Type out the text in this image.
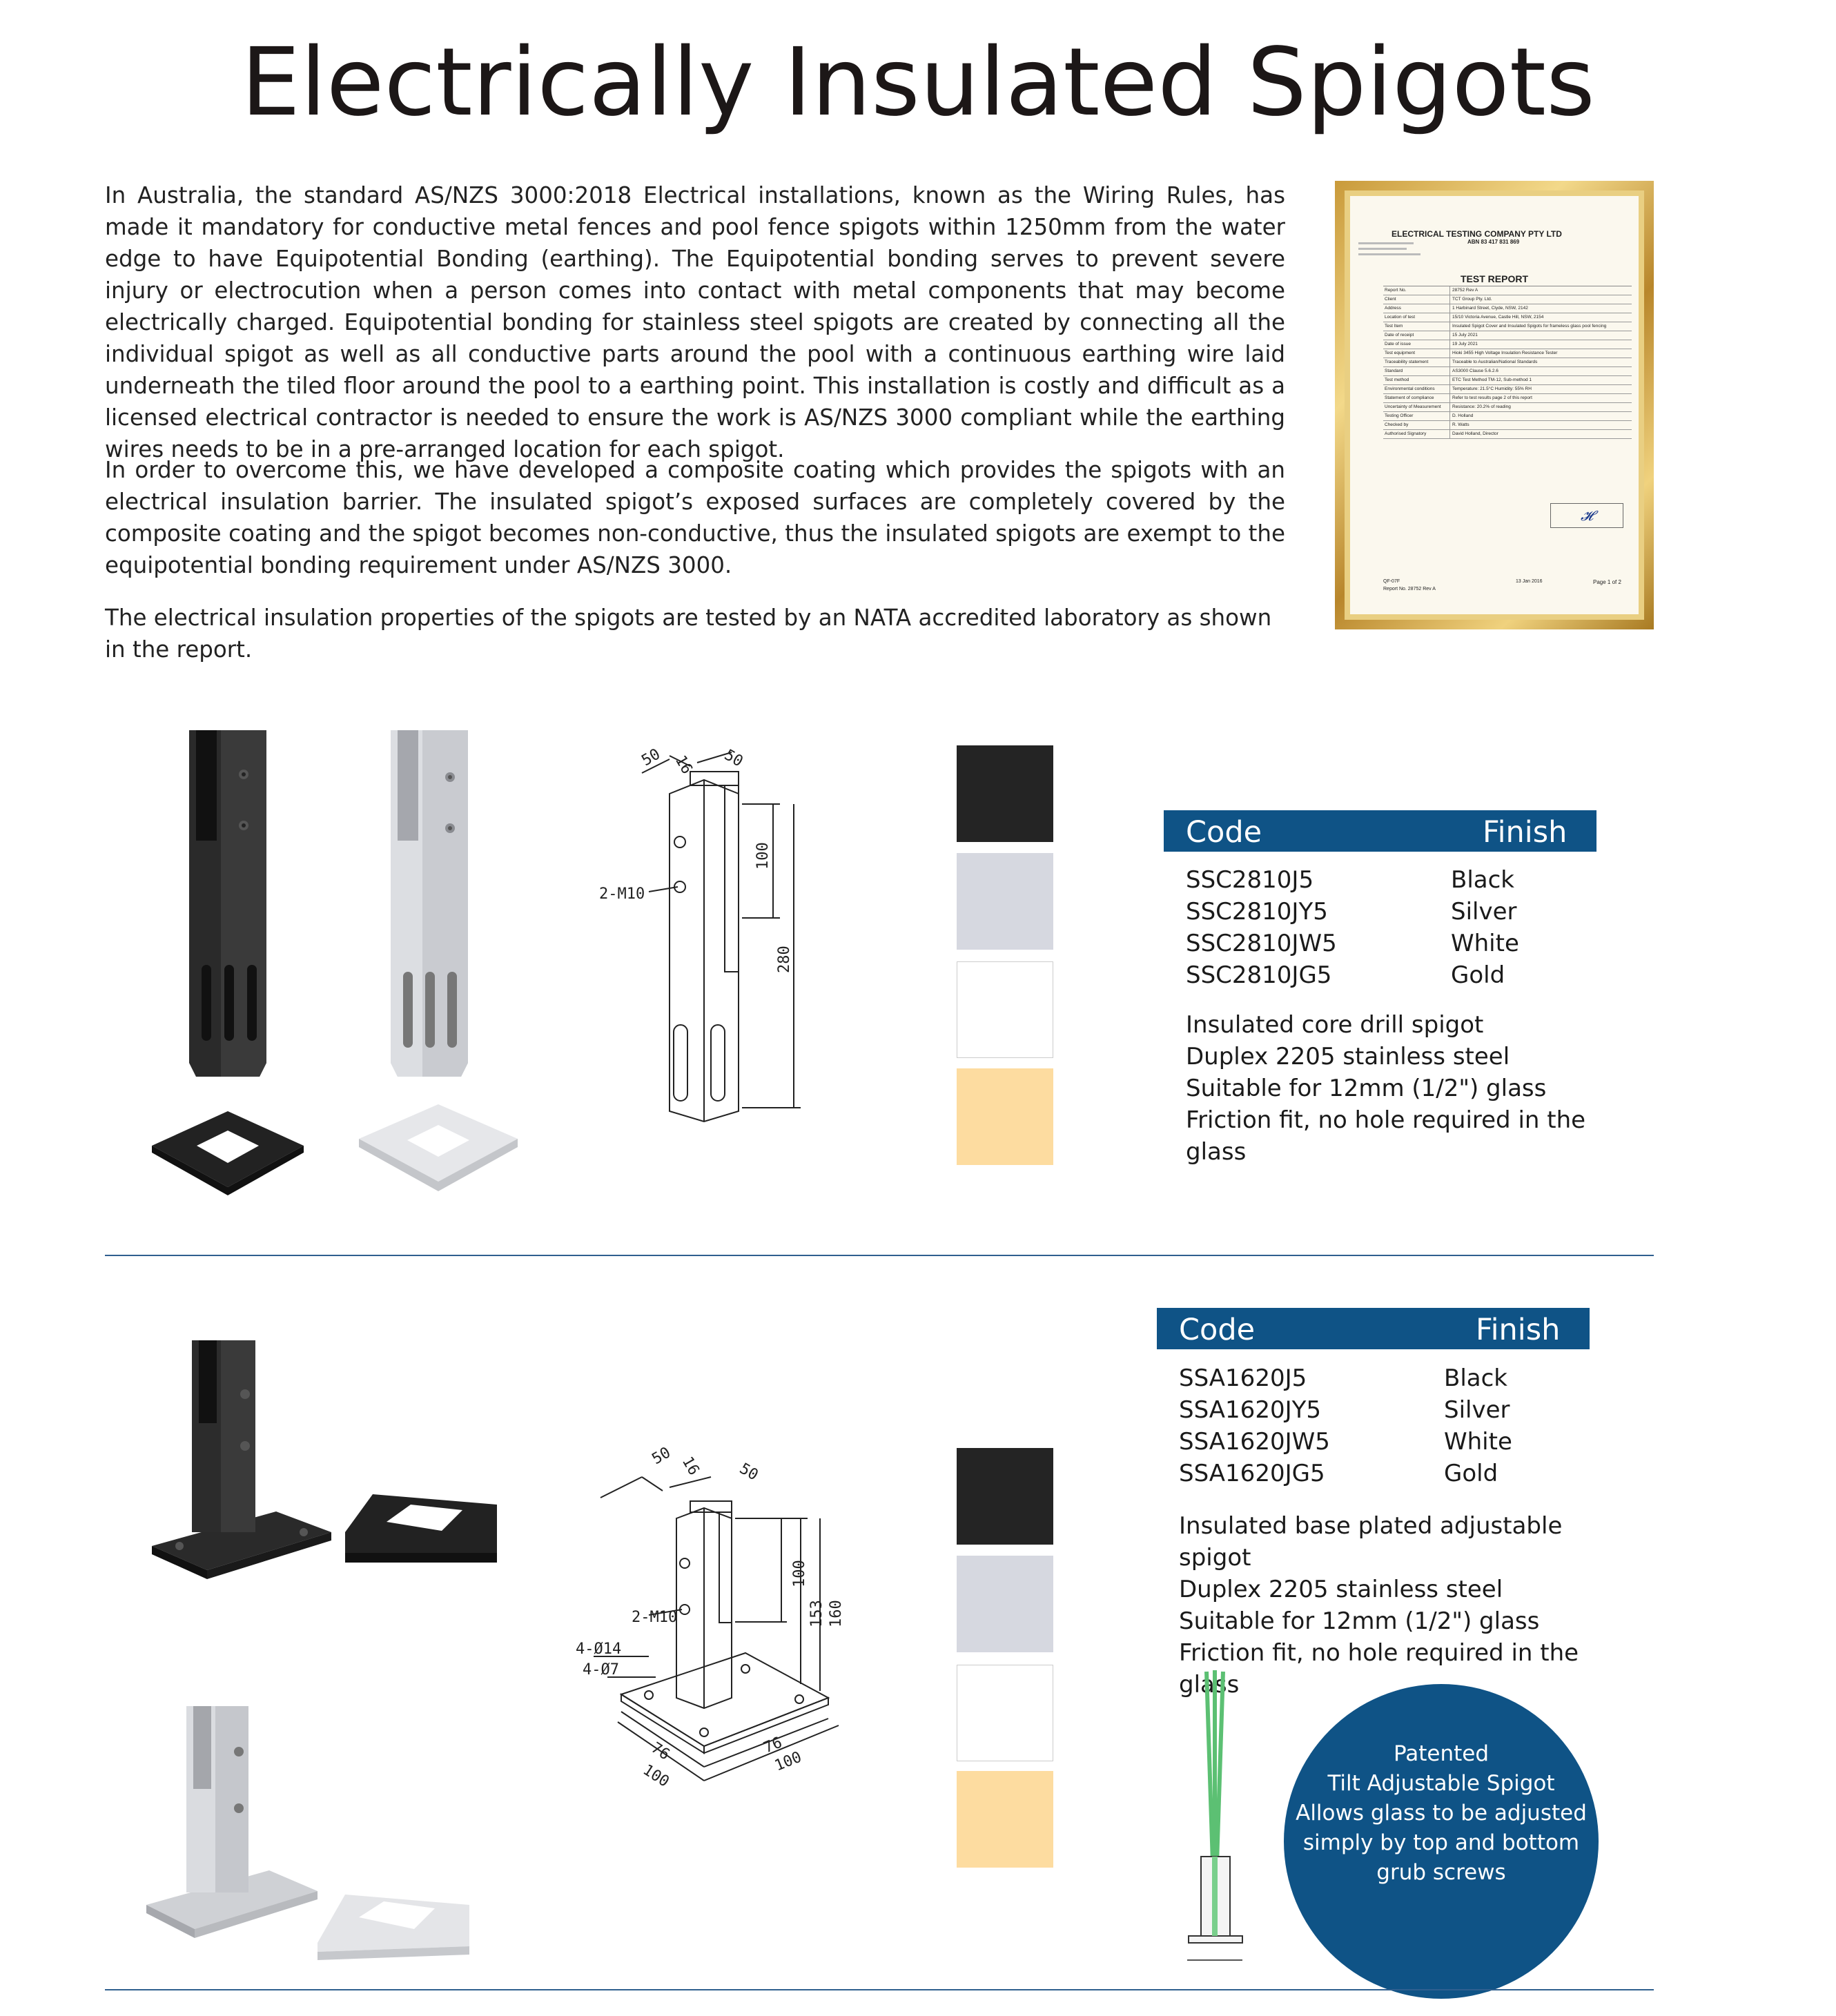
Electrically Insulated Spigots
In Australia, the standard AS/NZS 3000:2018 Electrical installations, known as the Wiring Rules, has made it mandatory for conductive metal fences and pool fence spigots within 1250mm from the water edge to have Equipotential Bonding (earthing). The Equipotential bonding serves to prevent severe injury or electrocution when a person comes into contact with metal components that may become electrically charged. Equipotential bonding for stainless steel spigots are created by connecting all the individual spigot as well as all conductive parts around the pool with a continuous earthing wire laid underneath the tiled floor around the pool to a earthing point. This installation is costly and difficult as a licensed electrical contractor is needed to ensure the work is AS/NZS 3000 compliant while the earthing wires needs to be in a pre-arranged location for each spigot.
In order to overcome this, we have developed a composite coating which provides the spigots with an electrical insulation barrier. The insulated spigot’s exposed surfaces are completely covered by the composite coating and the spigot becomes non-conductive, thus the insulated spigots are exempt to the equipotential bonding requirement under AS/NZS 3000.
The electrical insulation properties of the spigots are tested by an NATA accredited laboratory as shown in the report.
ELECTRICAL TESTING COMPANY PTY LTD
ABN 83 417 831 869
TEST REPORT
Report No.	28752 Rev A
Client	TCT Group Pty. Ltd.
Address	1 Harbinard Street, Clyde, NSW, 2142
Location of test	15/10 Victoria Avenue, Castle Hill, NSW, 2154
Test Item	Insulated Spigot Cover and Insulated Spigots for frameless glass pool fencing
Date of receipt	15 July 2021
Date of issue	19 July 2021
Test equipment	Hioki 3455 High Voltage Insulation Resistance Tester
Traceability statement	Traceable to Australian/National Standards
Standard	AS3000 Clause 5.6.2.6
Test method	ETC Test Method TM-12, Sub-method 1
Environmental conditions	Temperature: 21.5°C Humidity: 55% RH
Statement of compliance	Refer to test results page 2 of this report
Uncertainty of Measurement	Resistance: 20.2% of reading
Testing Officer	D. Holland
Checked by	R. Watts
Authorised Signatory	David Holland, Director
𝓗
QF-07F
Report No. 28752 Rev A
13 Jan 2016	Page 1 of 2
50 16 50
100
280
2-M10
Code	Finish
SSC2810J5	Black
SSC2810JY5	Silver
SSC2810JW5	White
SSC2810JG5	Gold
Insulated core drill spigot
Duplex 2205 stainless steel
Suitable for 12mm (1/2") glass
Friction fit, no hole required in the glass
50 16 50
100
153 160
2-M10
4-Ø14
4-Ø7
76
100
76
100
Code	Finish
SSA1620J5	Black
SSA1620JY5	Silver
SSA1620JW5	White
SSA1620JG5	Gold
Insulated base plated adjustable spigot
Duplex 2205 stainless steel
Suitable for 12mm (1/2") glass
Friction fit, no hole required in the glass
Patented
Tilt Adjustable Spigot
Allows glass to be adjusted
simply by top and bottom
grub screws
